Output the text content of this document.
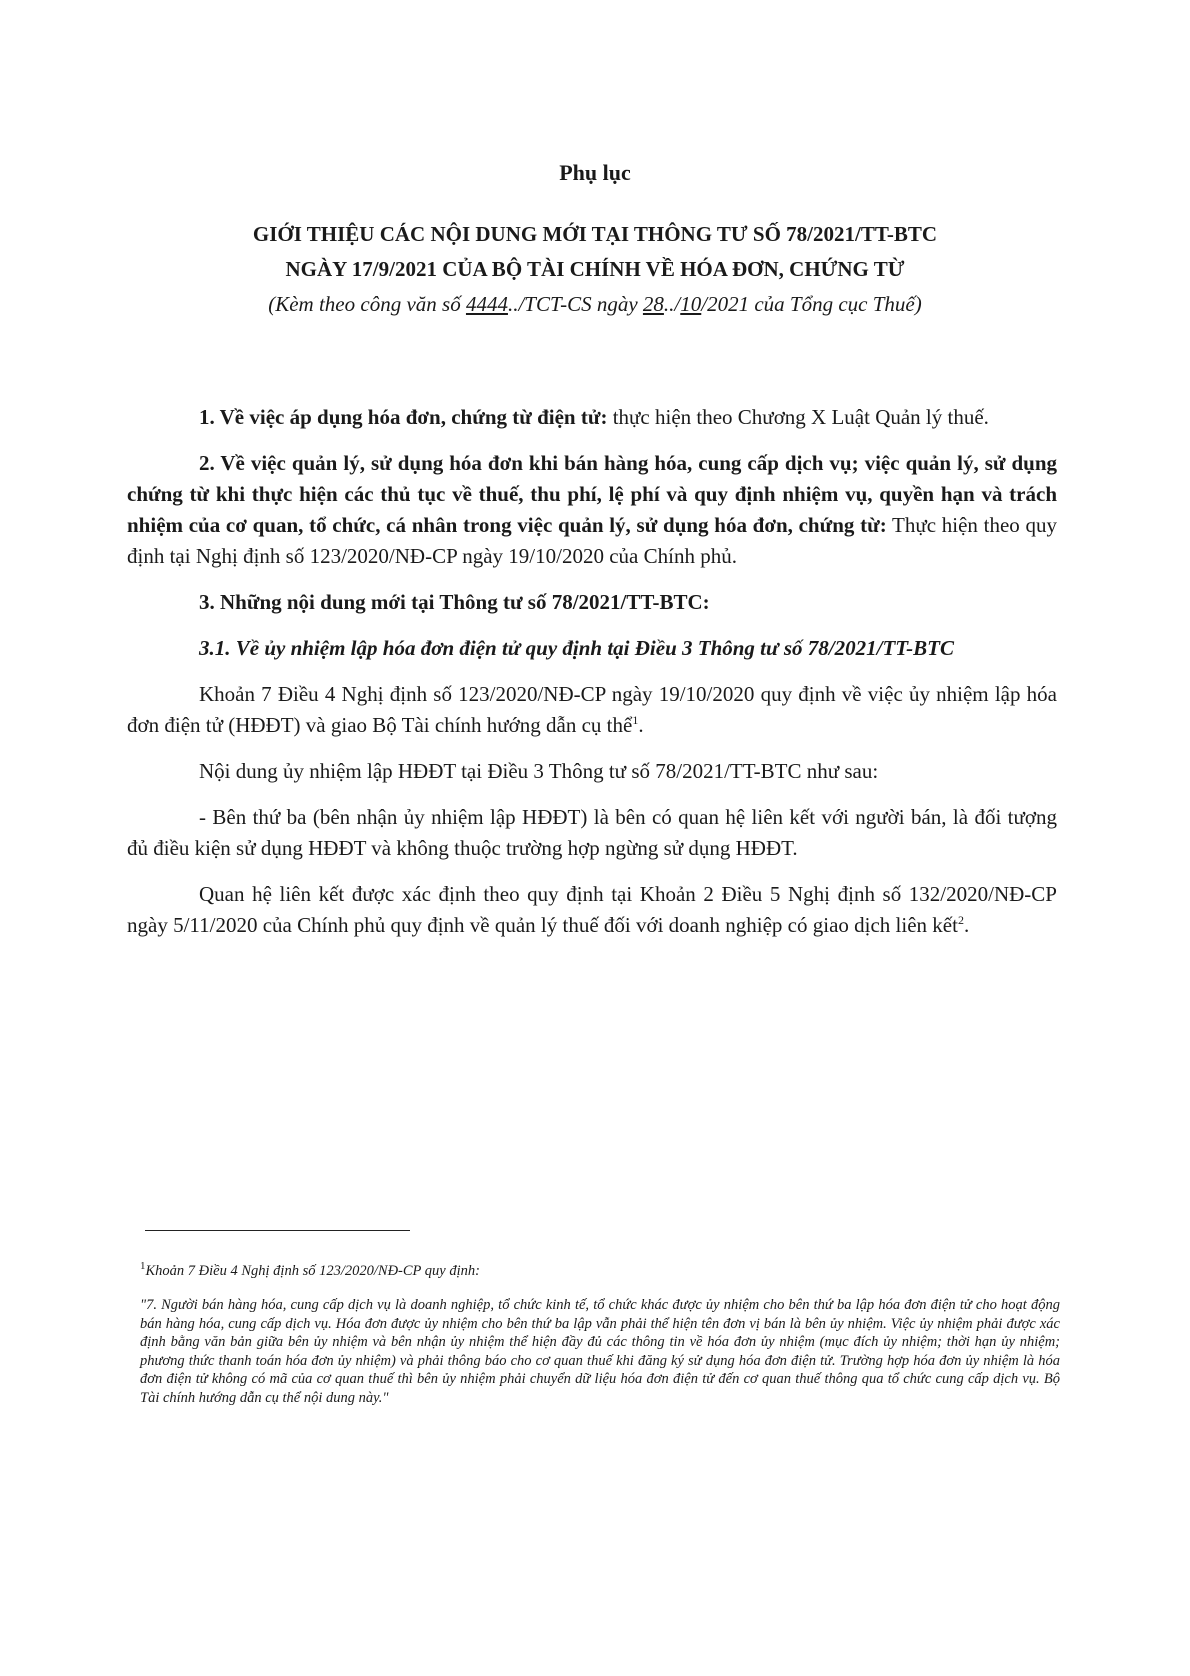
Phụ lục
GIỚI THIỆU CÁC NỘI DUNG MỚI TẠI THÔNG TƯ SỐ 78/2021/TT-BTC
NGÀY 17/9/2021 CỦA BỘ TÀI CHÍNH VỀ HÓA ĐƠN, CHỨNG TỪ
(Kèm theo công văn số 4444../TCT-CS ngày 28../10/2021 của Tổng cục Thuế)

1. Về việc áp dụng hóa đơn, chứng từ điện tử: thực hiện theo Chương X Luật Quản lý thuế.

2. Về việc quản lý, sử dụng hóa đơn khi bán hàng hóa, cung cấp dịch vụ; việc quản lý, sử dụng chứng từ khi thực hiện các thủ tục về thuế, thu phí, lệ phí và quy định nhiệm vụ, quyền hạn và trách nhiệm của cơ quan, tổ chức, cá nhân trong việc quản lý, sử dụng hóa đơn, chứng từ: Thực hiện theo quy định tại Nghị định số 123/2020/NĐ-CP ngày 19/10/2020 của Chính phủ.

3. Những nội dung mới tại Thông tư số 78/2021/TT-BTC:

3.1. Về ủy nhiệm lập hóa đơn điện tử quy định tại Điều 3 Thông tư số 78/2021/TT-BTC

Khoản 7 Điều 4 Nghị định số 123/2020/NĐ-CP ngày 19/10/2020 quy định về việc ủy nhiệm lập hóa đơn điện tử (HĐĐT) và giao Bộ Tài chính hướng dẫn cụ thể$^1$.

Nội dung ủy nhiệm lập HĐĐT tại Điều 3 Thông tư số 78/2021/TT-BTC như sau:

- Bên thứ ba (bên nhận ủy nhiệm lập HĐĐT) là bên có quan hệ liên kết với người bán, là đối tượng đủ điều kiện sử dụng HĐĐT và không thuộc trường hợp ngừng sử dụng HĐĐT.

Quan hệ liên kết được xác định theo quy định tại Khoản 2 Điều 5 Nghị định số 132/2020/NĐ-CP ngày 5/11/2020 của Chính phủ quy định về quản lý thuế đối với doanh nghiệp có giao dịch liên kết$^2$.

$^1$Khoản 7 Điều 4 Nghị định số 123/2020/NĐ-CP quy định:
"7. Người bán hàng hóa, cung cấp dịch vụ là doanh nghiệp, tổ chức kinh tế, tổ chức khác được ủy nhiệm cho bên thứ ba lập hóa đơn điện tử cho hoạt động bán hàng hóa, cung cấp dịch vụ. Hóa đơn được ủy nhiệm cho bên thứ ba lập vẫn phải thể hiện tên đơn vị bán là bên ủy nhiệm. Việc ủy nhiệm phải được xác định bằng văn bản giữa bên ủy nhiệm và bên nhận ủy nhiệm thể hiện đầy đủ các thông tin về hóa đơn ủy nhiệm (mục đích ủy nhiệm; thời hạn ủy nhiệm; phương thức thanh toán hóa đơn ủy nhiệm) và phải thông báo cho cơ quan thuế khi đăng ký sử dụng hóa đơn điện tử. Trường hợp hóa đơn ủy nhiệm là hóa đơn điện tử không có mã của cơ quan thuế thì bên ủy nhiệm phải chuyển dữ liệu hóa đơn điện tử đến cơ quan thuế thông qua tổ chức cung cấp dịch vụ. Bộ Tài chính hướng dẫn cụ thể nội dung này."
